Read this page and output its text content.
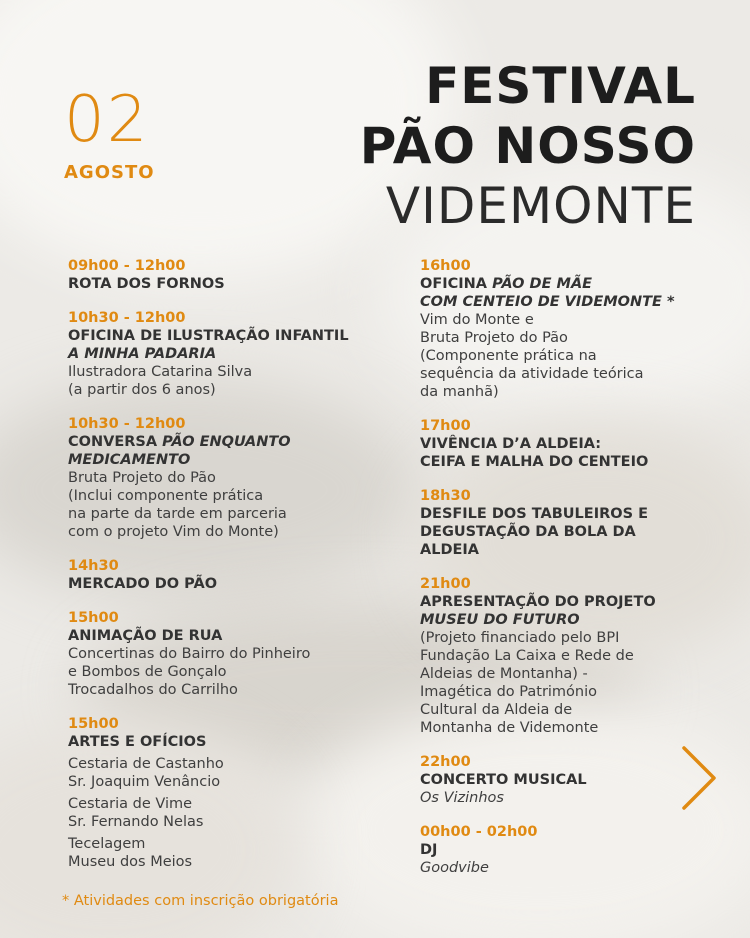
02
AGOSTO
FESTIVAL
PÃO NOSSO
VIDEMONTE
09h00 - 12h00
ROTA DOS FORNOS
10h30 - 12h00
OFICINA DE ILUSTRAÇÃO INFANTIL
A MINHA PADARIA
Ilustradora Catarina Silva
(a partir dos 6 anos)
10h30 - 12h00
CONVERSA PÃO ENQUANTO
MEDICAMENTO
Bruta Projeto do Pão
(Inclui componente prática
na parte da tarde em parceria
com o projeto Vim do Monte)
14h30
MERCADO DO PÃO
15h00
ANIMAÇÃO DE RUA
Concertinas do Bairro do Pinheiro
e Bombos de Gonçalo
Trocadalhos do Carrilho
15h00
ARTES E OFÍCIOS
Cestaria de Castanho
Sr. Joaquim Venâncio
Cestaria de Vime
Sr. Fernando Nelas
Tecelagem
Museu dos Meios
16h00
OFICINA PÃO DE MÃE
COM CENTEIO DE VIDEMONTE *
Vim do Monte e
Bruta Projeto do Pão
(Componente prática na
sequência da atividade teórica
da manhã)
17h00
VIVÊNCIA D’A ALDEIA:
CEIFA E MALHA DO CENTEIO
18h30
DESFILE DOS TABULEIROS E
DEGUSTAÇÃO DA BOLA DA
ALDEIA
21h00
APRESENTAÇÃO DO PROJETO
MUSEU DO FUTURO
(Projeto financiado pelo BPI
Fundação La Caixa e Rede de
Aldeias de Montanha) -
Imagética do Património
Cultural da Aldeia de
Montanha de Videmonte
22h00
CONCERTO MUSICAL
Os Vizinhos
00h00 - 02h00
DJ
Goodvibe
* Atividades com inscrição obrigatória
